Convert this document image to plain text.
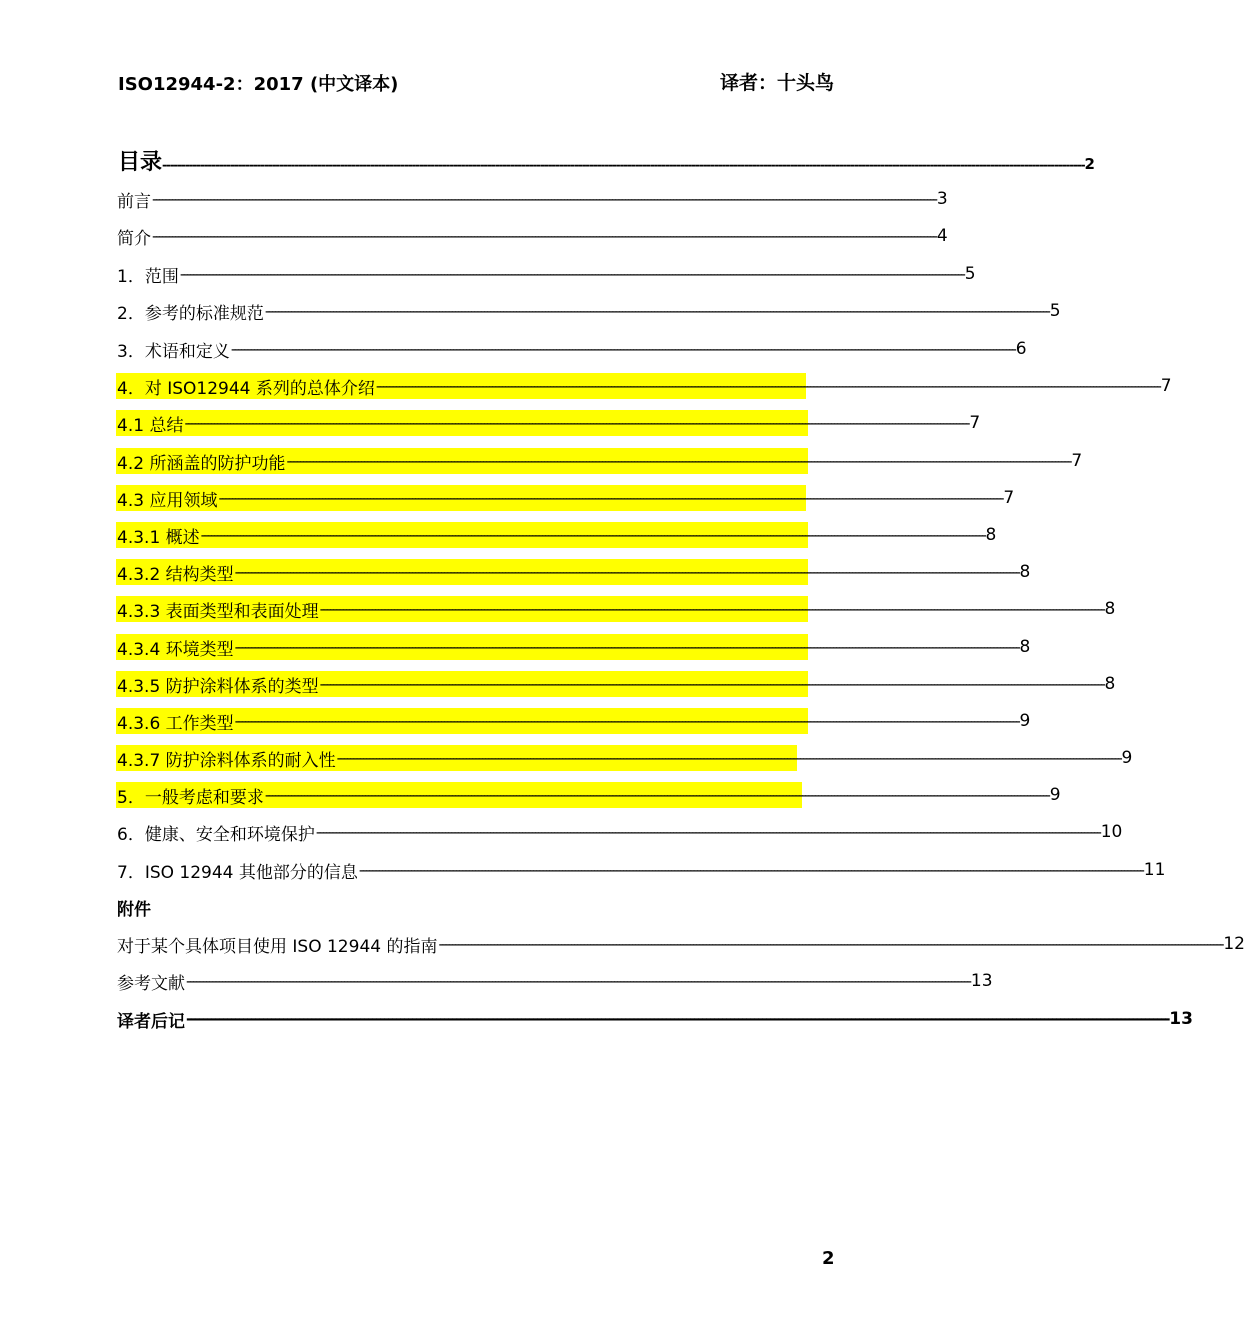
ISO12944-2：2017 (中文译本)	译者：十头鸟
目录 ---------------------------------------------------------------------------------------------------------------------------------------------------------------------------------------------------------------------------------------------------- 2
前言 ---------------------------------------------------------------------------------------------------------------------------------------------------------------------------------------------------------------------------------------------------- 3
简介 ---------------------------------------------------------------------------------------------------------------------------------------------------------------------------------------------------------------------------------------------------- 4
1．范围 ---------------------------------------------------------------------------------------------------------------------------------------------------------------------------------------------------------------------------------------------------- 5
2．参考的标准规范 ---------------------------------------------------------------------------------------------------------------------------------------------------------------------------------------------------------------------------------------------------- 5
3．术语和定义 ---------------------------------------------------------------------------------------------------------------------------------------------------------------------------------------------------------------------------------------------------- 6
4．对 ISO12944 系列的总体介绍 ---------------------------------------------------------------------------------------------------------------------------------------------------------------------------------------------------------------------------------------------------- 7
4.1 总结 ---------------------------------------------------------------------------------------------------------------------------------------------------------------------------------------------------------------------------------------------------- 7
4.2 所涵盖的防护功能 ---------------------------------------------------------------------------------------------------------------------------------------------------------------------------------------------------------------------------------------------------- 7
4.3 应用领域 ---------------------------------------------------------------------------------------------------------------------------------------------------------------------------------------------------------------------------------------------------- 7
4.3.1 概述 ---------------------------------------------------------------------------------------------------------------------------------------------------------------------------------------------------------------------------------------------------- 8
4.3.2 结构类型 ---------------------------------------------------------------------------------------------------------------------------------------------------------------------------------------------------------------------------------------------------- 8
4.3.3 表面类型和表面处理 ---------------------------------------------------------------------------------------------------------------------------------------------------------------------------------------------------------------------------------------------------- 8
4.3.4 环境类型 ---------------------------------------------------------------------------------------------------------------------------------------------------------------------------------------------------------------------------------------------------- 8
4.3.5 防护涂料体系的类型 ---------------------------------------------------------------------------------------------------------------------------------------------------------------------------------------------------------------------------------------------------- 8
4.3.6 工作类型 ---------------------------------------------------------------------------------------------------------------------------------------------------------------------------------------------------------------------------------------------------- 9
4.3.7 防护涂料体系的耐入性 ---------------------------------------------------------------------------------------------------------------------------------------------------------------------------------------------------------------------------------------------------- 9
5．一般考虑和要求 ---------------------------------------------------------------------------------------------------------------------------------------------------------------------------------------------------------------------------------------------------- 9
6．健康、安全和环境保护 ---------------------------------------------------------------------------------------------------------------------------------------------------------------------------------------------------------------------------------------------------- 10
7．ISO 12944 其他部分的信息 ---------------------------------------------------------------------------------------------------------------------------------------------------------------------------------------------------------------------------------------------------- 11
附件
对于某个具体项目使用 ISO 12944 的指南 ---------------------------------------------------------------------------------------------------------------------------------------------------------------------------------------------------------------------------------------------------- 12
参考文献 ---------------------------------------------------------------------------------------------------------------------------------------------------------------------------------------------------------------------------------------------------- 13
译者后记 ---------------------------------------------------------------------------------------------------------------------------------------------------------------------------------------------------------------------------------------------------- 13
2
